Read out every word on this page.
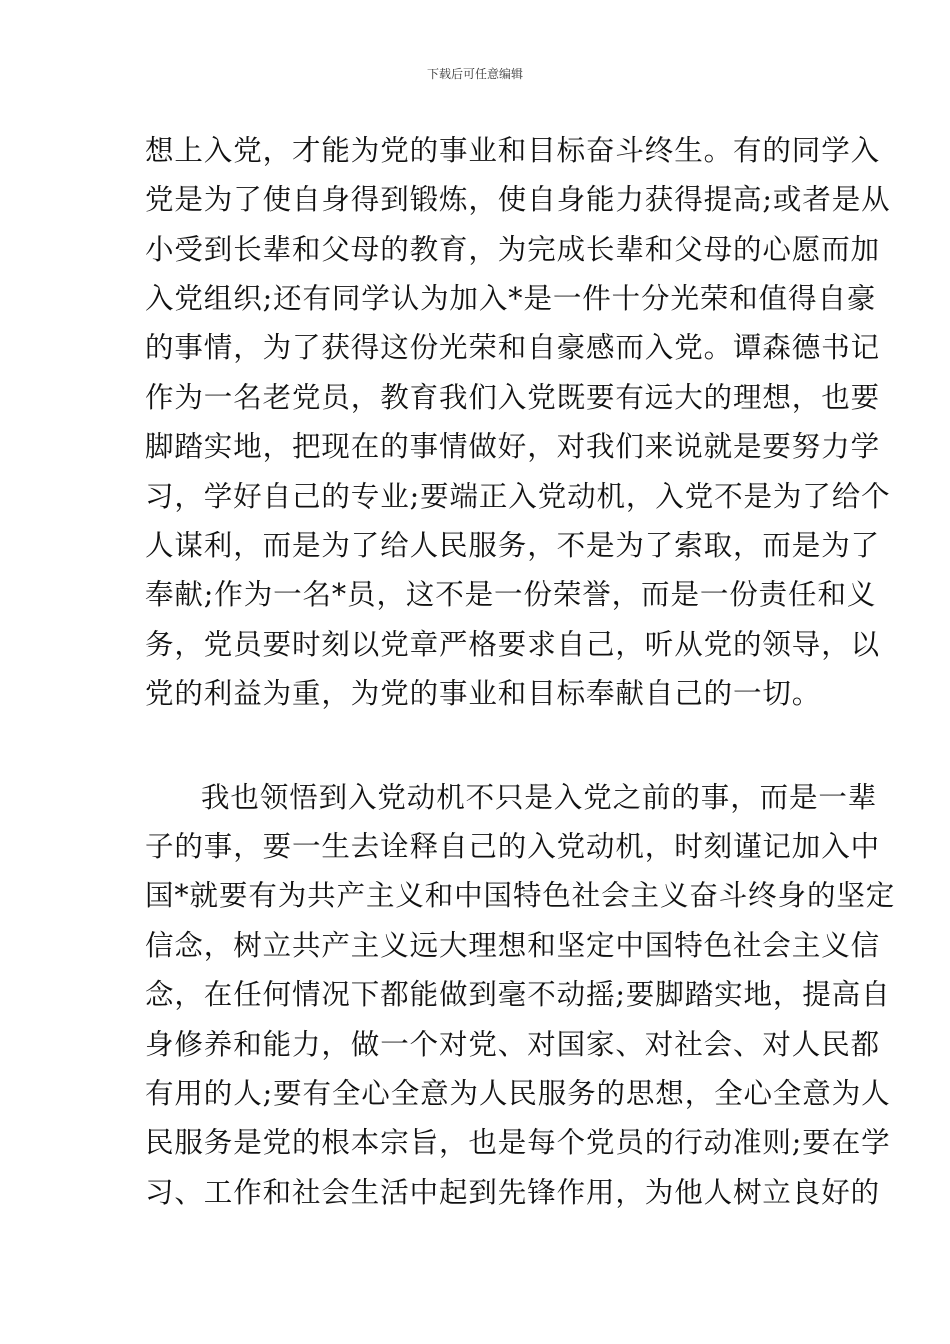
下载后可任意编辑
想上入党，才能为党的事业和目标奋斗终生。有的同学入
党是为了使自身得到锻炼，使自身能力获得提高;或者是从
小受到长辈和父母的教育，为完成长辈和父母的心愿而加
入党组织;还有同学认为加入*是一件十分光荣和值得自豪
的事情，为了获得这份光荣和自豪感而入党。谭森德书记
作为一名老党员，教育我们入党既要有远大的理想，也要
脚踏实地，把现在的事情做好，对我们来说就是要努力学
习，学好自己的专业;要端正入党动机，入党不是为了给个
人谋利，而是为了给人民服务，不是为了索取，而是为了
奉献;作为一名*员，这不是一份荣誉，而是一份责任和义
务，党员要时刻以党章严格要求自己，听从党的领导，以
党的利益为重，为党的事业和目标奉献自己的一切。
我也领悟到入党动机不只是入党之前的事，而是一辈
子的事，要一生去诠释自己的入党动机，时刻谨记加入中
国*就要有为共产主义和中国特色社会主义奋斗终身的坚定
信念，树立共产主义远大理想和坚定中国特色社会主义信
念，在任何情况下都能做到毫不动摇;要脚踏实地，提高自
身修养和能力，做一个对党、对国家、对社会、对人民都
有用的人;要有全心全意为人民服务的思想，全心全意为人
民服务是党的根本宗旨，也是每个党员的行动准则;要在学
习、工作和社会生活中起到先锋作用，为他人树立良好的
